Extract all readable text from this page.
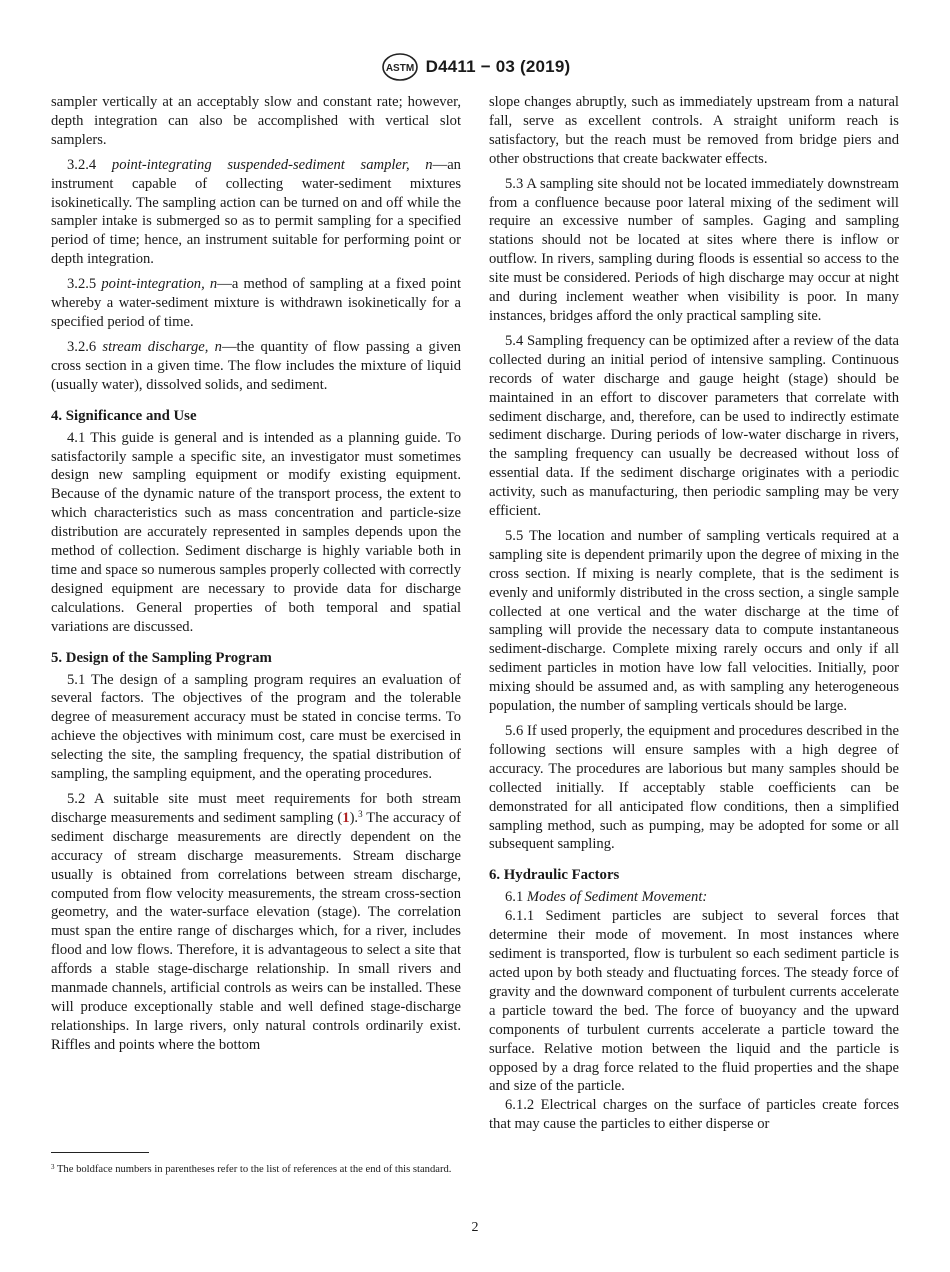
ASTM D4411 − 03 (2019)

sampler vertically at an acceptably slow and constant rate; however, depth integration can also be accomplished with vertical slot samplers.

3.2.4 point-integrating suspended-sediment sampler, n—an instrument capable of collecting water-sediment mixtures isokinetically. The sampling action can be turned on and off while the sampler intake is submerged so as to permit sampling for a specified period of time; hence, an instrument suitable for performing point or depth integration.

3.2.5 point-integration, n—a method of sampling at a fixed point whereby a water-sediment mixture is withdrawn isokinetically for a specified period of time.

3.2.6 stream discharge, n—the quantity of flow passing a given cross section in a given time. The flow includes the mixture of liquid (usually water), dissolved solids, and sediment.

4. Significance and Use

4.1 This guide is general and is intended as a planning guide. To satisfactorily sample a specific site, an investigator must sometimes design new sampling equipment or modify existing equipment. Because of the dynamic nature of the transport process, the extent to which characteristics such as mass concentration and particle-size distribution are accurately represented in samples depends upon the method of collection. Sediment discharge is highly variable both in time and space so numerous samples properly collected with correctly designed equipment are necessary to provide data for discharge calculations. General properties of both temporal and spatial variations are discussed.

5. Design of the Sampling Program

5.1 The design of a sampling program requires an evaluation of several factors. The objectives of the program and the tolerable degree of measurement accuracy must be stated in concise terms. To achieve the objectives with minimum cost, care must be exercised in selecting the site, the sampling frequency, the spatial distribution of sampling, the sampling equipment, and the operating procedures.

5.2 A suitable site must meet requirements for both stream discharge measurements and sediment sampling (1).$^3$ The accuracy of sediment discharge measurements are directly dependent on the accuracy of stream discharge measurements. Stream discharge usually is obtained from correlations between stream discharge, computed from flow velocity measurements, the stream cross-section geometry, and the water-surface elevation (stage). The correlation must span the entire range of discharges which, for a river, includes flood and low flows. Therefore, it is advantageous to select a site that affords a stable stage-discharge relationship. In small rivers and manmade channels, artificial controls as weirs can be installed. These will produce exceptionally stable and well defined stage-discharge relationships. In large rivers, only natural controls ordinarily exist. Riffles and points where the bottom

slope changes abruptly, such as immediately upstream from a natural fall, serve as excellent controls. A straight uniform reach is satisfactory, but the reach must be removed from bridge piers and other obstructions that create backwater effects.

5.3 A sampling site should not be located immediately downstream from a confluence because poor lateral mixing of the sediment will require an excessive number of samples. Gaging and sampling stations should not be located at sites where there is inflow or outflow. In rivers, sampling during floods is essential so access to the site must be considered. Periods of high discharge may occur at night and during inclement weather when visibility is poor. In many instances, bridges afford the only practical sampling site.

5.4 Sampling frequency can be optimized after a review of the data collected during an initial period of intensive sampling. Continuous records of water discharge and gauge height (stage) should be maintained in an effort to discover parameters that correlate with sediment discharge, and, therefore, can be used to indirectly estimate sediment discharge. During periods of low-water discharge in rivers, the sampling frequency can usually be decreased without loss of essential data. If the sediment discharge originates with a periodic activity, such as manufacturing, then periodic sampling may be very efficient.

5.5 The location and number of sampling verticals required at a sampling site is dependent primarily upon the degree of mixing in the cross section. If mixing is nearly complete, that is the sediment is evenly and uniformly distributed in the cross section, a single sample collected at one vertical and the water discharge at the time of sampling will provide the necessary data to compute instantaneous sediment-discharge. Complete mixing rarely occurs and only if all sediment particles in motion have low fall velocities. Initially, poor mixing should be assumed and, as with sampling any heterogeneous population, the number of sampling verticals should be large.

5.6 If used properly, the equipment and procedures described in the following sections will ensure samples with a high degree of accuracy. The procedures are laborious but many samples should be collected initially. If acceptably stable coefficients can be demonstrated for all anticipated flow conditions, then a simplified sampling method, such as pumping, may be adopted for some or all subsequent sampling.

6. Hydraulic Factors

6.1 Modes of Sediment Movement:

6.1.1 Sediment particles are subject to several forces that determine their mode of movement. In most instances where sediment is transported, flow is turbulent so each sediment particle is acted upon by both steady and fluctuating forces. The steady force of gravity and the downward component of turbulent currents accelerate a particle toward the bed. The force of buoyancy and the upward components of turbulent currents accelerate a particle toward the surface. Relative motion between the liquid and the particle is opposed by a drag force related to the fluid properties and the shape and size of the particle.

6.1.2 Electrical charges on the surface of particles create forces that may cause the particles to either disperse or

$^3$ The boldface numbers in parentheses refer to the list of references at the end of this standard.
2
